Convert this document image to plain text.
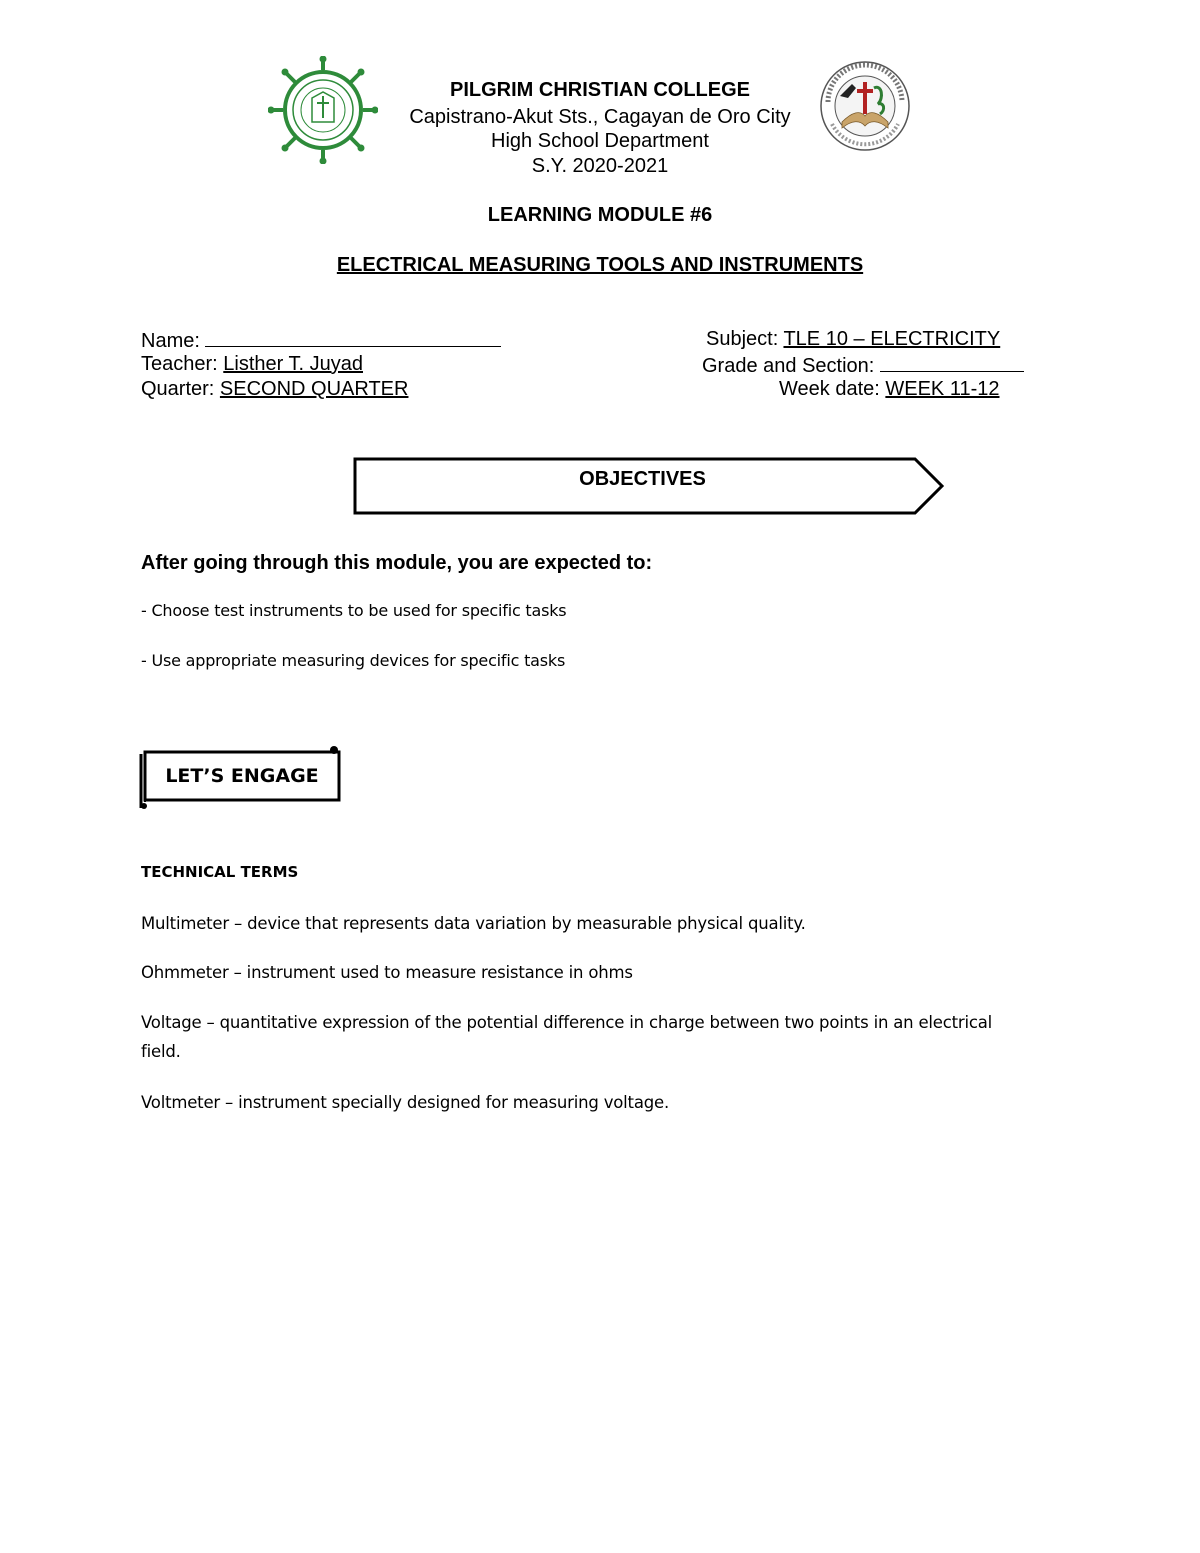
PILGRIM CHRISTIAN COLLEGE
Capistrano-Akut Sts., Cagayan de Oro City
High School Department
S.Y. 2020-2021
LEARNING MODULE #6
ELECTRICAL MEASURING TOOLS AND INSTRUMENTS
Name:
Teacher: Listher T. Juyad
Quarter: SECOND QUARTER
Subject: TLE 10 – ELECTRICITY
Grade and Section:
Week date: WEEK 11-12
OBJECTIVES
After going through this module, you are expected to:
- Choose test instruments to be used for specific tasks
- Use appropriate measuring devices for specific tasks
LET’S ENGAGE
TECHNICAL TERMS
Multimeter – device that represents data variation by measurable physical quality.
Ohmmeter – instrument used to measure resistance in ohms
Voltage – quantitative expression of the potential difference in charge between two points in an electrical field.
Voltmeter – instrument specially designed for measuring voltage.
